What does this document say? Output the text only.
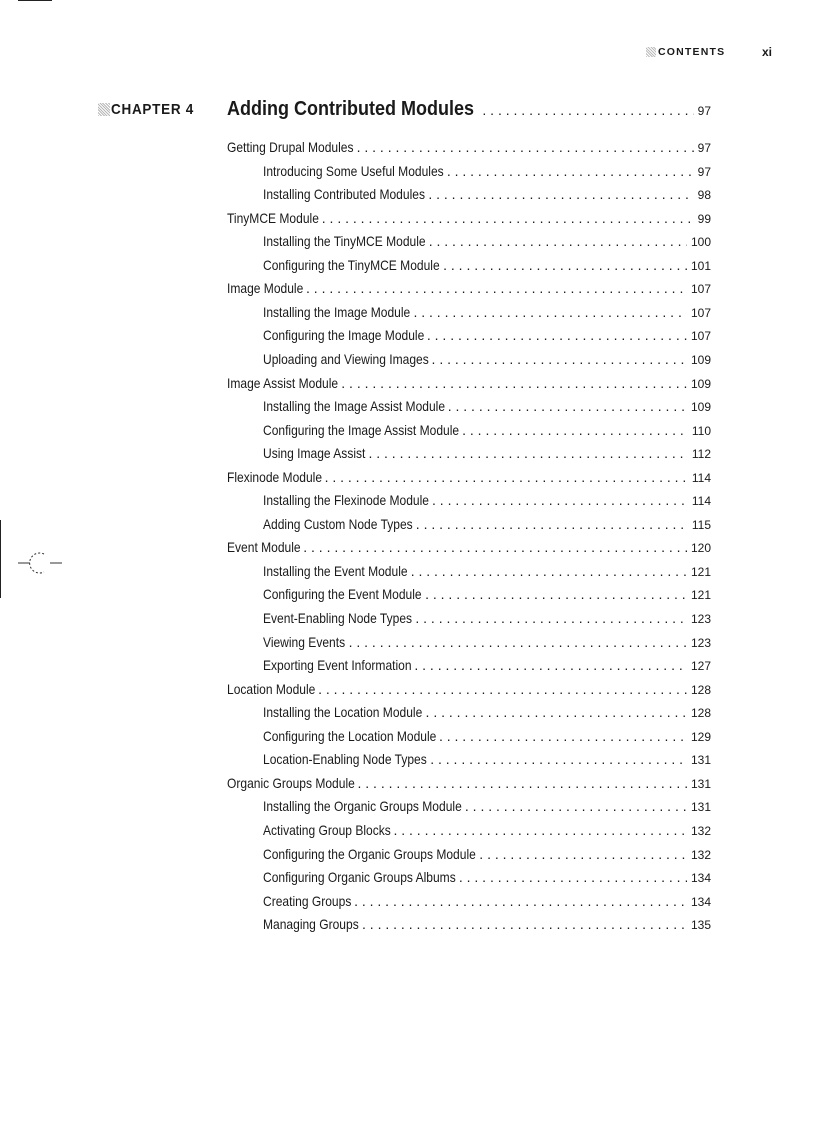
CONTENTS	xi
CHAPTER 4 Adding Contributed Modules . . .	97
Getting Drupal Modules . . .	97
Introducing Some Useful Modules . . .	97
Installing Contributed Modules . . .	98
TinyMCE Module . . .	99
Installing the TinyMCE Module . . .	100
Configuring the TinyMCE Module . . .	101
Image Module . . .	107
Installing the Image Module . . .	107
Configuring the Image Module . . .	107
Uploading and Viewing Images . . .	109
Image Assist Module . . .	109
Installing the Image Assist Module . . .	109
Configuring the Image Assist Module . . .	110
Using Image Assist . . .	112
Flexinode Module . . .	114
Installing the Flexinode Module . . .	114
Adding Custom Node Types . . .	115
Event Module . . .	120
Installing the Event Module . . .	121
Configuring the Event Module . . .	121
Event-Enabling Node Types . . .	123
Viewing Events . . .	123
Exporting Event Information . . .	127
Location Module . . .	128
Installing the Location Module . . .	128
Configuring the Location Module . . .	129
Location-Enabling Node Types . . .	131
Organic Groups Module . . .	131
Installing the Organic Groups Module . . .	131
Activating Group Blocks . . .	132
Configuring the Organic Groups Module . . .	132
Configuring Organic Groups Albums . . .	134
Creating Groups . . .	134
Managing Groups . . .	135
